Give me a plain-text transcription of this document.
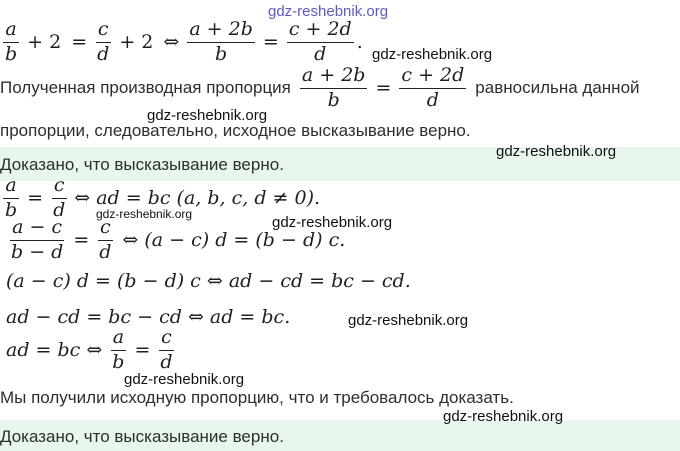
$\frac{a}{b} + 2 = \frac{c}{d} + 2$ ⇔ $\frac{a + 2b}{b} = \frac{c + 2d}{d}$ .
Полученная производная пропорция $\frac{a + 2b}{b} = \frac{c + 2d}{d}$ равносильна данной
пропорции, следовательно, исходное высказывание верно.
Доказано, что высказывание верно.
$\frac{a}{b} = \frac{c}{d}$ ⇔ ad = bc (a, b, c, d ≠ 0).
$\frac{a - c}{b - d} = \frac{c}{d}$ ⇔ (a − c) d = (b − d) c.
(a − c) d = (b − d) c ⇔ ad − cd = bc − cd.
ad − cd = bc − cd ⇔ ad = bc.
ad = bc ⇔ $\frac{a}{b} = \frac{c}{d}$
Мы получили исходную пропорцию, что и требовалось доказать.
Доказано, что высказывание верно.
gdz-reshebnik.org
gdz-reshebnik.org
gdz-reshebnik.org
gdz-reshebnik.org
gdz-reshebnik.org	gdz-reshebnik.org
gdz-reshebnik.org
gdz-reshebnik.org
gdz-reshebnik.org
